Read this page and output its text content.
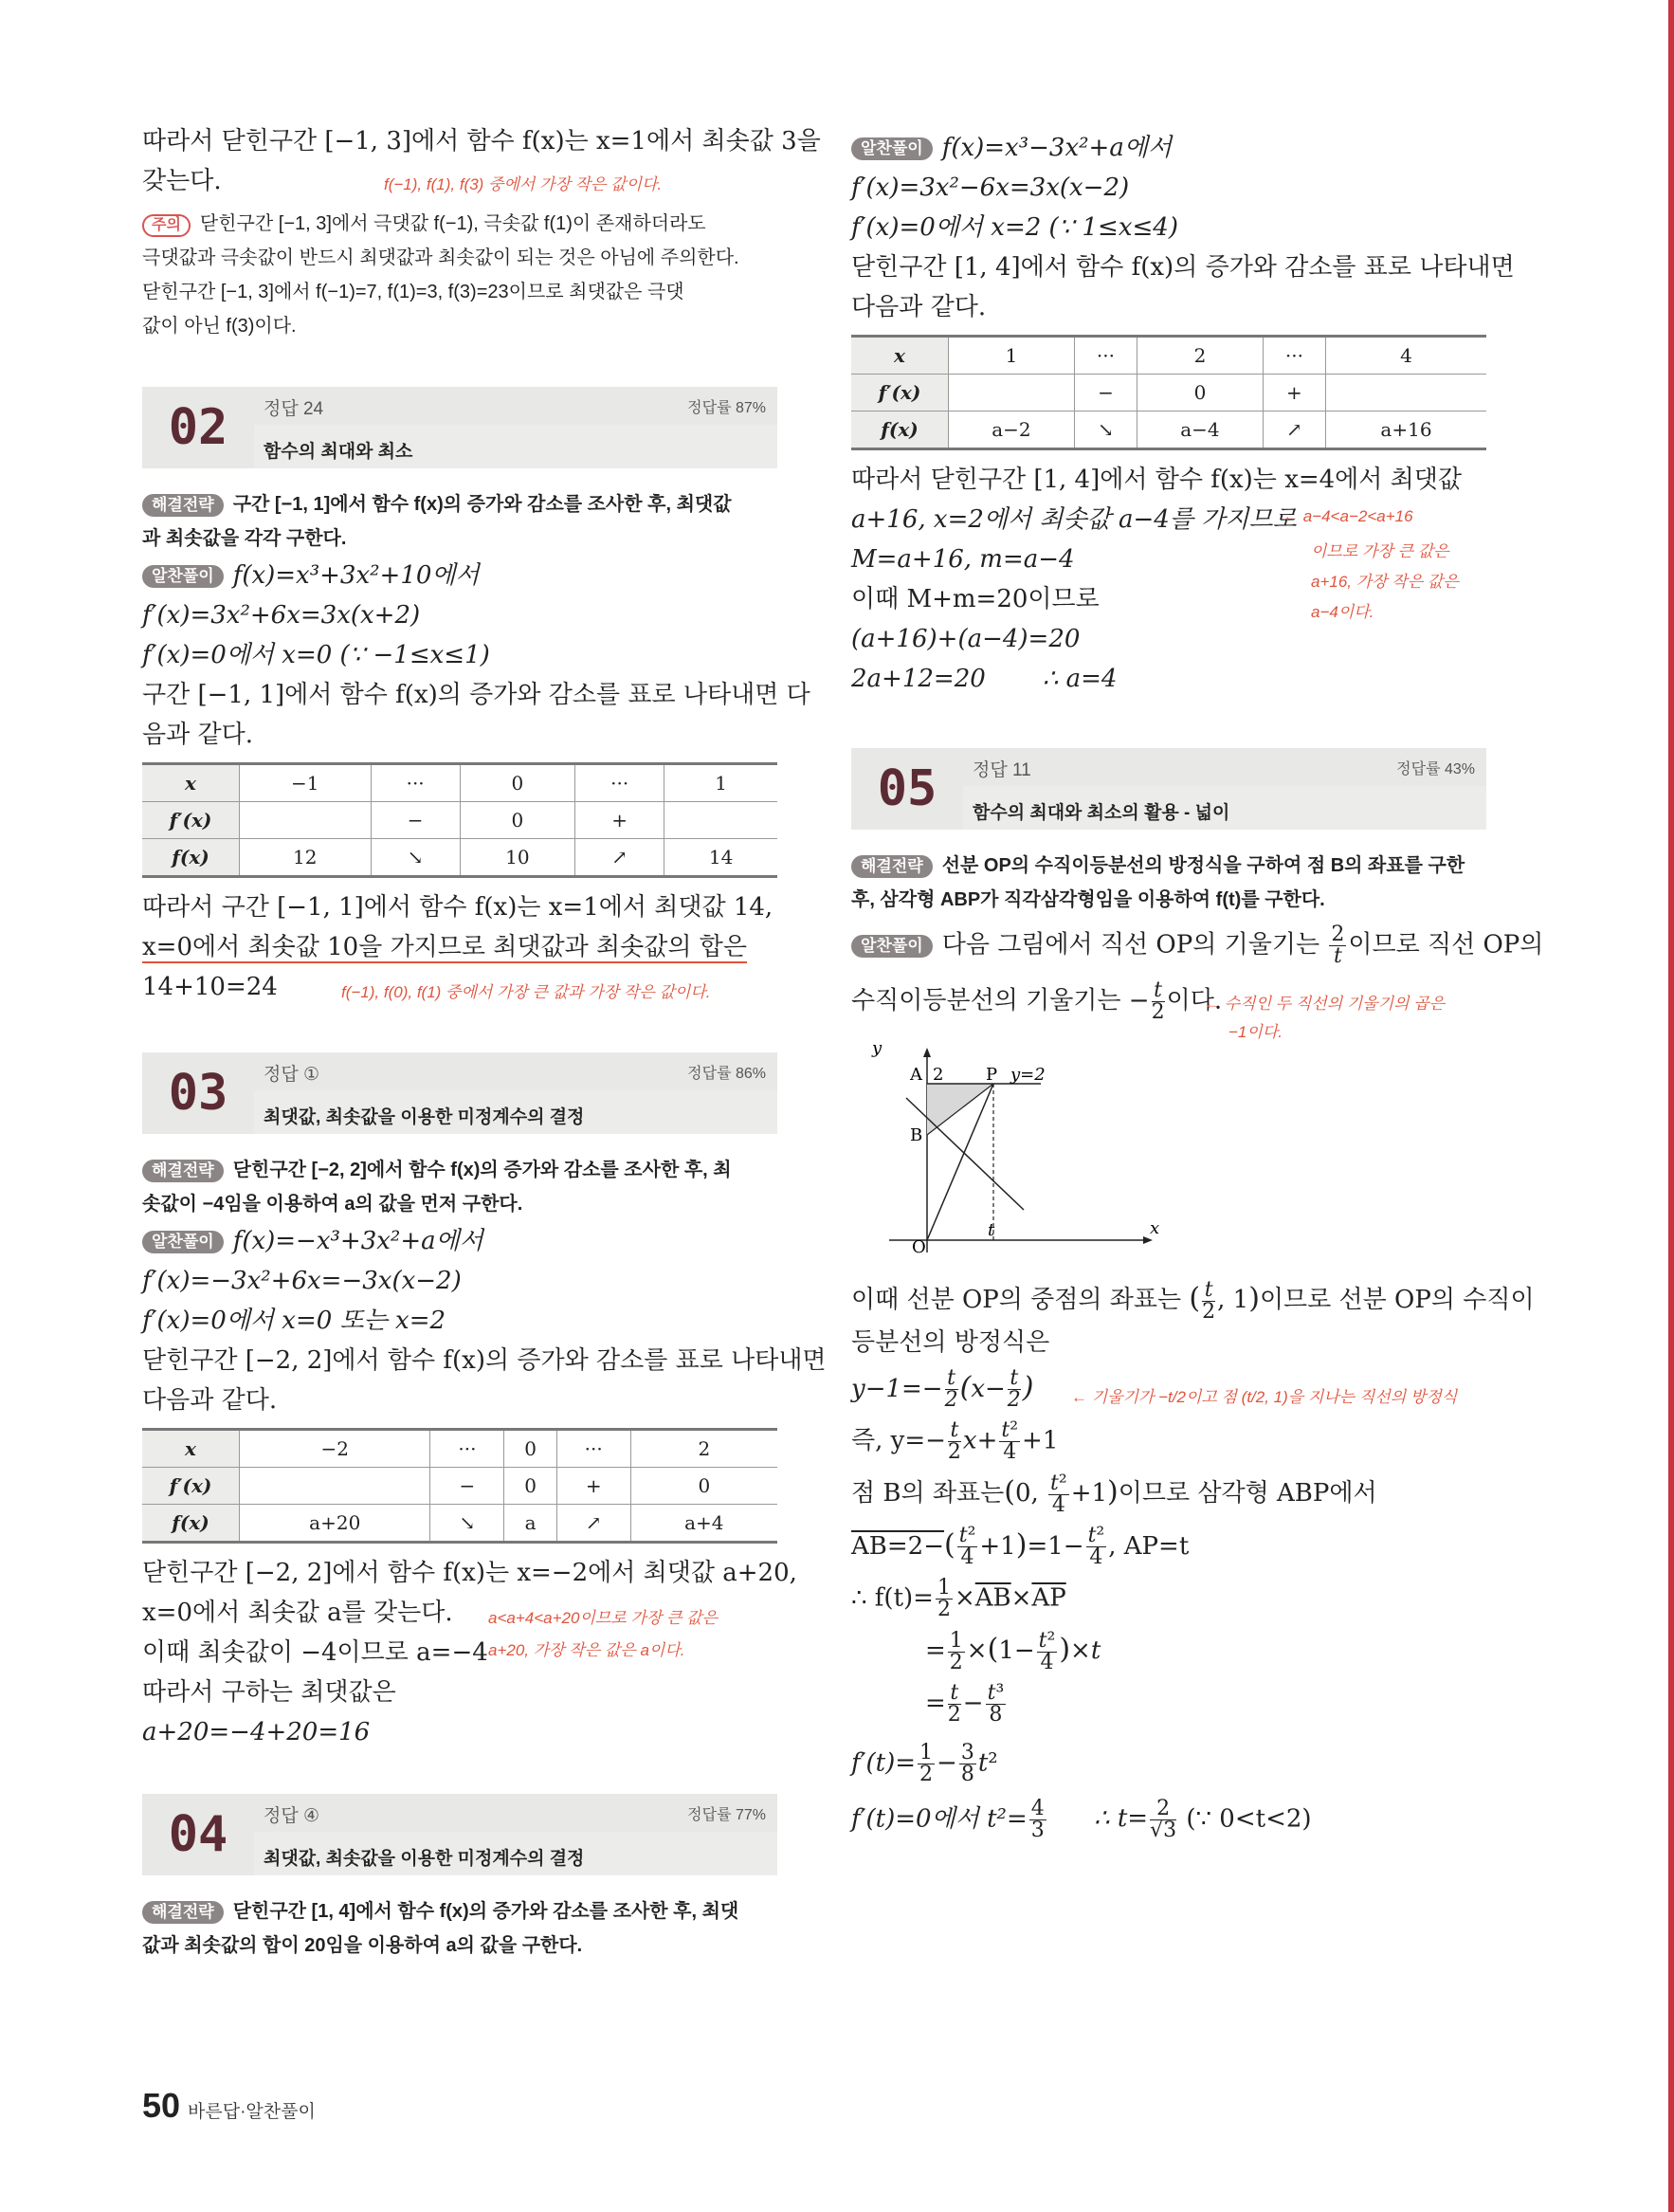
따라서 닫힌구간 [−1, 3]에서 함수 f(x)는 x=1에서 최솟값 3을
갖는다.	f(−1), f(1), f(3) 중에서 가장 작은 값이다.
주의 닫힌구간 [−1, 3]에서 극댓값 f(−1), 극솟값 f(1)이 존재하더라도
극댓값과 극솟값이 반드시 최댓값과 최솟값이 되는 것은 아님에 주의한다.
닫힌구간 [−1, 3]에서 f(−1)=7, f(1)=3, f(3)=23이므로 최댓값은 극댓
값이 아닌 f(3)이다.
02	정답 24	정답률 87%
함수의 최대와 최소
해결전략 구간 [−1, 1]에서 함수 f(x)의 증가와 감소를 조사한 후, 최댓값
과 최솟값을 각각 구한다.
알찬풀이 f(x)=x³+3x²+10에서
f′(x)=3x²+6x=3x(x+2)
f′(x)=0에서 x=0 (∵ −1≤x≤1)
구간 [−1, 1]에서 함수 f(x)의 증가와 감소를 표로 나타내면 다
음과 같다.
x	−1	···	0	···	1
f′(x)		−	0	+	
f(x)	12	↘	10	↗	14
따라서 구간 [−1, 1]에서 함수 f(x)는 x=1에서 최댓값 14,
x=0에서 최솟값 10을 가지므로 최댓값과 최솟값의 합은
14+10=24	f(−1), f(0), f(1) 중에서 가장 큰 값과 가장 작은 값이다.
03	정답 ①	정답률 86%
최댓값, 최솟값을 이용한 미정계수의 결정
해결전략 닫힌구간 [−2, 2]에서 함수 f(x)의 증가와 감소를 조사한 후, 최
솟값이 −4임을 이용하여 a의 값을 먼저 구한다.
알찬풀이 f(x)=−x³+3x²+a에서
f′(x)=−3x²+6x=−3x(x−2)
f′(x)=0에서 x=0 또는 x=2
닫힌구간 [−2, 2]에서 함수 f(x)의 증가와 감소를 표로 나타내면
다음과 같다.
x	−2	···	0	···	2
f′(x)		−	0	+	0
f(x)	a+20	↘	a	↗	a+4
닫힌구간 [−2, 2]에서 함수 f(x)는 x=−2에서 최댓값 a+20,
x=0에서 최솟값 a를 갖는다. a<a+4<a+20이므로 가장 큰 값은
이때 최솟값이 −4이므로 a=−4 a+20, 가장 작은 값은 a이다.
따라서 구하는 최댓값은
a+20=−4+20=16
04	정답 ④	정답률 77%
최댓값, 최솟값을 이용한 미정계수의 결정
해결전략 닫힌구간 [1, 4]에서 함수 f(x)의 증가와 감소를 조사한 후, 최댓
값과 최솟값의 합이 20임을 이용하여 a의 값을 구한다.
알찬풀이 f(x)=x³−3x²+a에서
f′(x)=3x²−6x=3x(x−2)
f′(x)=0에서 x=2 (∵ 1≤x≤4)
닫힌구간 [1, 4]에서 함수 f(x)의 증가와 감소를 표로 나타내면
다음과 같다.
x	1	···	2	···	4
f′(x)		−	0	+	
f(x)	a−2	↘	a−4	↗	a+16
따라서 닫힌구간 [1, 4]에서 함수 f(x)는 x=4에서 최댓값
a+16, x=2에서 최솟값 a−4를 가지므로
M=a+16, m=a−4
이때 M+m=20이므로
(a+16)+(a−4)=20
2a+12=20 ∴ a=4
← a−4<a−2<a+16
이므로 가장 큰 값은
a+16, 가장 작은 값은
a−4이다.
05	정답 11	정답률 43%
함수의 최대와 최소의 활용 - 넓이
해결전략 선분 OP의 수직이등분선의 방정식을 구하여 점 B의 좌표를 구한
후, 삼각형 ABP가 직각삼각형임을 이용하여 f(t)를 구한다.
알찬풀이 다음 그림에서 직선 OP의 기울기는 $\frac{2}{t}$ 이므로 직선 OP의
수직이등분선의 기울기는 − $\frac{t}{2}$ 이다.
← 수직인 두 직선의 기울기의 곱은
−1이다.
y
x
O
A 2 P y=2
B
t
이때 선분 OP의 중점의 좌표는 ( $\frac{t}{2}$ , 1)이므로 선분 OP의 수직이
등분선의 방정식은
$y-1=- \frac{t}{2} (x- \frac{t}{2}$ ) ← 기울기가 −t/2이고 점 (t/2, 1)을 지나는 직선의 방정식
즉, $y=- \frac{t}{2} x+ \frac{\text{t²}}{4} +1$
점 B의 좌표는(0, $\frac{\text{t²}}{4} +1$)이므로 삼각형 ABP에서
$AB=2-( \frac{\text{t²}}{4} +1)=1- \frac{\text{t²}}{4}$ , AP=t
∴ $f(t)= \frac{1}{2} \times\overline{AB}\times\overline{AP}$
= $\frac{1}{2} \times(1- \frac{\text{t²}}{4} )\times t$
= $\frac{t}{2} - \frac{\text{t³}}{8}$
$f'(t)= \frac{1}{2} - \frac{3}{8} t^2$
f′(t)=0에서 $t^2= \frac{4}{3}$ ∴ $t= \frac{2}{√3}$ (∵ 0<t<2)
50 바른답·알찬풀이
